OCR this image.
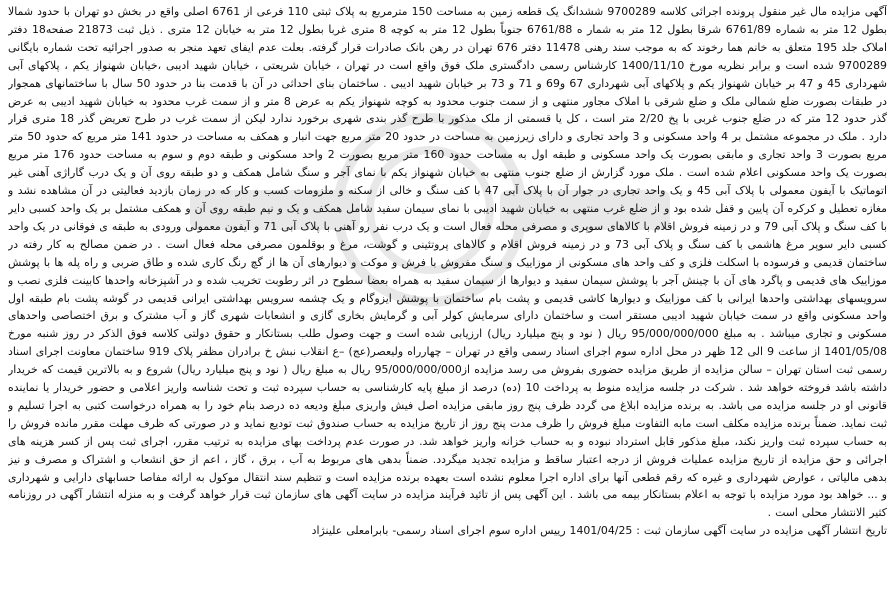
آگهی مزایده مال غیر منقول پرونده اجرائی کلاسه 9700289 ششدانگ یک قطعه زمین به مساحت 150 مترمربع به پلاک ثبتی 110 فرعی از 6761 اصلی واقع در بخش دو تهران با حدود شمالا بطول 12 متر به شماره 6761/89 شرقا بطول 12 متر به شمار ه 6761/88 جنوباً بطول 12 متر به کوچه 8 متری غربا بطول 12 متر به خیابان 12 متری . ذیل ثبت 21873 صفحه18 دفتر املاک جلد 195 متعلق به خانم هما رخوند که به موجب سند رهنی 11478 دفتر 676 تهران در رهن بانک صادرات قرار گرفته. بعلت عدم ایفای تعهد منجر به صدور اجرائیه تحت شماره بایگانی 9700289 شده است و برابر نظریه مورخ 1400/11/10 کارشناس رسمی دادگستری ملک فوق واقع است در تهران ، خیابان شریعتی ، خیابان شهید ادیبی ،خیابان شهنواز یکم ، پلاکهای آبی شهرداری 45 و 47 بر خیابان شهنواز یکم و پلاکهای آبی شهرداری 67 و69 و 71 و 73 بر خیابان شهید ادیبی . ساختمان بنای احداثی در آن با قدمت بنا در حدود 50 سال با ساختمانهای همجوار در طبقات بصورت ضلع شمالی ملک و ضلع شرقی با املاک مجاور منتهی و از سمت جنوب محدود به کوچه شهنواز یکم به عرض 8 متر و از سمت غرب محدود به خیابان شهید ادیبی به عرض گذر حدود 12 متر که در ضلع جنوب غربی با پخ 2/20 متر است ، کل یا قسمتی از ملک مذکور با طرح گذر بندی شهری برخورد ندارد لیکن از سمت غرب در طرح تعریض گذر 18 متری قرار دارد . ملک در مجموعه مشتمل بر 4 واحد مسکونی و 3 واحد تجاری و دارای زیرزمین به مساحت در حدود 20 متر مربع جهت انبار و همکف به مساحت در حدود 141 متر مربع که حدود 50 متر مربع بصورت 3 واحد تجاری و مابقی بصورت یک واحد مسکونی و طبقه اول به مساحت حدود 160 متر مربع بصورت 2 واحد مسکونی و طبقه دوم و سوم به مساحت حدود 176 متر مربع بصورت یک واحد مسکونی اعلام شده است . ملک مورد گزارش از ضلع جنوب منتهی به خیابان شهنواز یکم با نمای آجر و سنگ شامل همکف و دو طبقه روی آن و یک درب گاراژی آهنی غیر اتوماتیک با آیفون معمولی با پلاک آبی 45 و یک واحد تجاری در جوار آن با پلاک آبی 47 با کف سنگ و خالی از سکنه و ملزومات کسب و کار که در زمان بازدید فعالیتی در آن مشاهده نشد و مغازه تعطیل و کرکره آن پایین و قفل شده بود و از ضلع غرب منتهی به خیابان شهید ادیبی با نمای سیمان سفید شامل همکف و یک و نیم طبقه روی آن و همکف مشتمل بر یک واحد کسبی دایر با کف سنگ و پلاک آبی 79 و در زمینه فروش اقلام با کالاهای سوپری و مصرفی محله فعال است و یک درب نفر رو آهنی با پلاک آبی 71 و آیفون معمولی ورودی به طبقه ی فوقانی در یک واحد کسبی دایر سوپر مرغ هاشمی با کف سنگ و پلاک آبی 73 و در زمینه فروش اقلام و کالاهای پروتئینی و گوشت، مرغ و بوقلمون مصرفی محله فعال است . در ضمن مصالح به کار رفته در ساختمان قدیمی و فرسوده با اسکلت فلزی و کف واحد های مسکونی از موزاییک و سنگ مفروش با فرش و موکت و دیوارهای آن ها از گچ رنگ کاری شده و طاق ضربی و راه پله ها با پوشش موزاییک های قدیمی و پاگرد های آن با چینش آجر با پوشش سیمان سفید و دیوارها از سیمان سفید به همراه بعضا سطوح در اثر رطوبت تخریب شده و در آشپزخانه واحدها کابینت فلزی نصب و سرویسهای بهداشتی واحدها ایرانی با کف موزاییک و دیوارها کاشی قدیمی و پشت بام ساختمان با پوشش ایزوگام و یک چشمه سرویس بهداشتی ایرانی قدیمی در گوشه پشت بام طبقه اول واحد مسکونی واقع در سمت خیابان شهید ادیبی مستقر است و ساختمان دارای سرمایش کولر آبی و گرمایش بخاری گازی و انشعابات شهری گاز و آب مشترک و برق اختصاصی واحدهای مسکونی و تجاری میباشد . به مبلغ 95/000/000/000 ریال ( نود و پنج میلیارد ریال) ارزیابی شده است و جهت وصول طلب بستانکار و حقوق دولتی کلاسه فوق الذکر در روز شنبه مورخ 1401/05/08 از ساعت 9 الی 12 ظهر در محل اداره سوم اجرای اسناد رسمی واقع در تهران – چهارراه ولیعصر(عج) –ع انقلاب نبش خ برادران مظفر پلاک 919 ساختمان معاونت اجرای اسناد رسمی ثبت استان تهران – سالن مزایده از طریق مزایده حضوری بفروش می رسد مزایده از95/000/000/000 ریال به مبلغ ریال ( نود و پنج میلیارد ریال) شروع و به بالاترین قیمت که خریدار داشته باشد فروخته خواهد شد . شرکت در جلسه مزایده منوط به پرداخت 10 (ده) درصد از مبلغ پایه کارشناسی به حساب سپرده ثبت و تحت شناسه واریز اعلامی و حضور خریدار یا نماینده قانونی او در جلسه مزایده می باشد. به برنده مزایده ابلاغ می گردد ظرف پنج روز مابقی مزایده اصل فیش واریزی مبلغ ودیعه ده درصد بنام خود را به همراه درخواست کتبی به اجرا تسلیم و ثبت نماید. ضمناً برنده مزایده مکلف است مابه التفاوت مبلغ فروش را ظرف مدت پنج روز از تاریخ مزایده به حساب صندوق ثبت تودیع نماید و در صورتی که ظرف مهلت مقرر مانده فروش را به حساب سپرده ثبت واریز نکند، مبلغ مذکور قابل استرداد نبوده و به حساب خزانه واریز خواهد شد. در صورت عدم پرداخت بهای مزایده به ترتیب مقرر، اجرای ثبت پس از کسر هزینه های اجرائی و حق مزایده از تاریخ مزایده عملیات فروش از درجه اعتبار ساقط و مزایده تجدید میگردد. ضمناً بدهی های مربوط به آب ، برق ، گاز ، اعم از حق انشعاب و اشتراک و مصرف و نیز بدهی مالیاتی ، عوارض شهرداری و غیره که رقم قطعی آنها برای اداره اجرا معلوم نشده است بعهده برنده مزایده است و تنظیم سند انتقال موکول به ارائه مفاصا حسابهای دارایی و شهرداری و ... خواهد بود مورد مزایده با توجه به اعلام بستانکار بیمه می باشد . این آگهی پس از تائید فرآیند مزایده در سایت آگهی های سازمان ثبت قرار خواهد گرفت و به منزله انتشار آگهی در روزنامه کثیر الانتشار محلی است .

تاریخ انتشار آگهی مزایده در سایت آگهی سازمان ثبت : 1401/04/25 رییس اداره سوم اجرای اسناد رسمی- بابرامعلی علینژاد
